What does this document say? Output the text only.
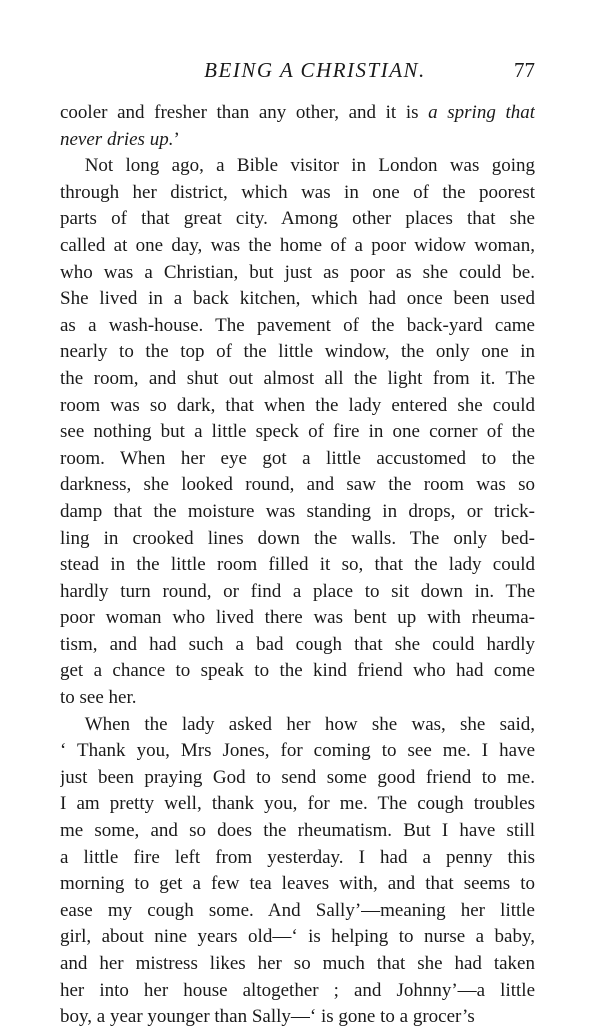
BEING A CHRISTIAN.	77
cooler and fresher than any other, and it is a spring that
never dries up.’
Not long ago, a Bible visitor in London was going
through her district, which was in one of the poorest
parts of that great city. Among other places that she
called at one day, was the home of a poor widow woman,
who was a Christian, but just as poor as she could be.
She lived in a back kitchen, which had once been used
as a wash-house. The pavement of the back-yard came
nearly to the top of the little window, the only one in
the room, and shut out almost all the light from it. The
room was so dark, that when the lady entered she could
see nothing but a little speck of fire in one corner of the
room. When her eye got a little accustomed to the
darkness, she looked round, and saw the room was so
damp that the moisture was standing in drops, or trick-
ling in crooked lines down the walls. The only bed-
stead in the little room filled it so, that the lady could
hardly turn round, or find a place to sit down in. The
poor woman who lived there was bent up with rheuma-
tism, and had such a bad cough that she could hardly
get a chance to speak to the kind friend who had come
to see her.
When the lady asked her how she was, she said,
‘ Thank you, Mrs Jones, for coming to see me. I have
just been praying God to send some good friend to me.
I am pretty well, thank you, for me. The cough troubles
me some, and so does the rheumatism. But I have still
a little fire left from yesterday. I had a penny this
morning to get a few tea leaves with, and that seems to
ease my cough some. And Sally’—meaning her little
girl, about nine years old—‘ is helping to nurse a baby,
and her mistress likes her so much that she had taken
her into her house altogether ; and Johnny’—a little
boy, a year younger than Sally—‘ is gone to a grocer’s
